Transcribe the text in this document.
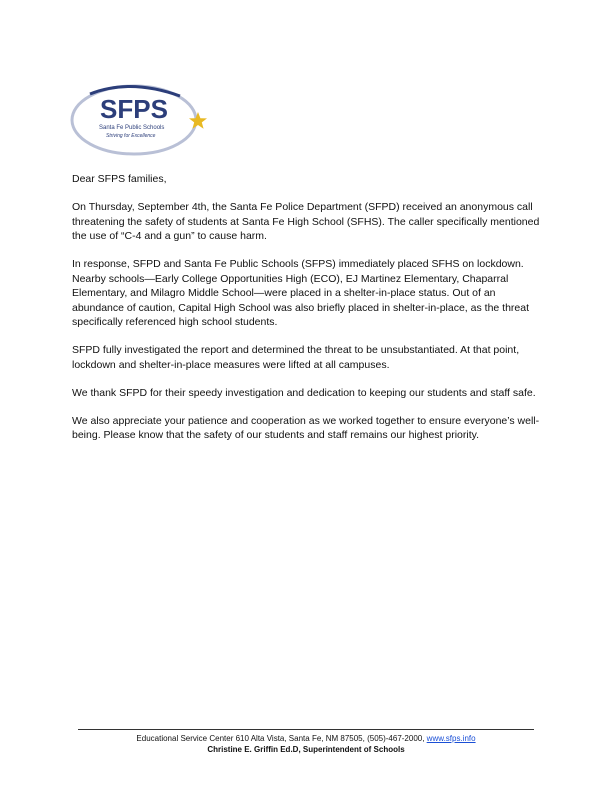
SFPS
Santa Fe Public Schools
Striving for Excellence

Dear SFPS families,

On Thursday, September 4th, the Santa Fe Police Department (SFPD) received an anonymous call threatening the safety of students at Santa Fe High School (SFHS). The caller specifically mentioned the use of “C-4 and a gun” to cause harm.

In response, SFPD and Santa Fe Public Schools (SFPS) immediately placed SFHS on lockdown. Nearby schools—Early College Opportunities High (ECO), EJ Martinez Elementary, Chaparral Elementary, and Milagro Middle School—were placed in a shelter-in-place status. Out of an abundance of caution, Capital High School was also briefly placed in shelter-in-place, as the threat specifically referenced high school students.

SFPD fully investigated the report and determined the threat to be unsubstantiated. At that point, lockdown and shelter-in-place measures were lifted at all campuses.

We thank SFPD for their speedy investigation and dedication to keeping our students and staff safe.

We also appreciate your patience and cooperation as we worked together to ensure everyone’s well-being. Please know that the safety of our students and staff remains our highest priority.

Educational Service Center 610 Alta Vista, Santa Fe, NM 87505, (505)-467-2000, www.sfps.info
Christine E. Griffin Ed.D, Superintendent of Schools
